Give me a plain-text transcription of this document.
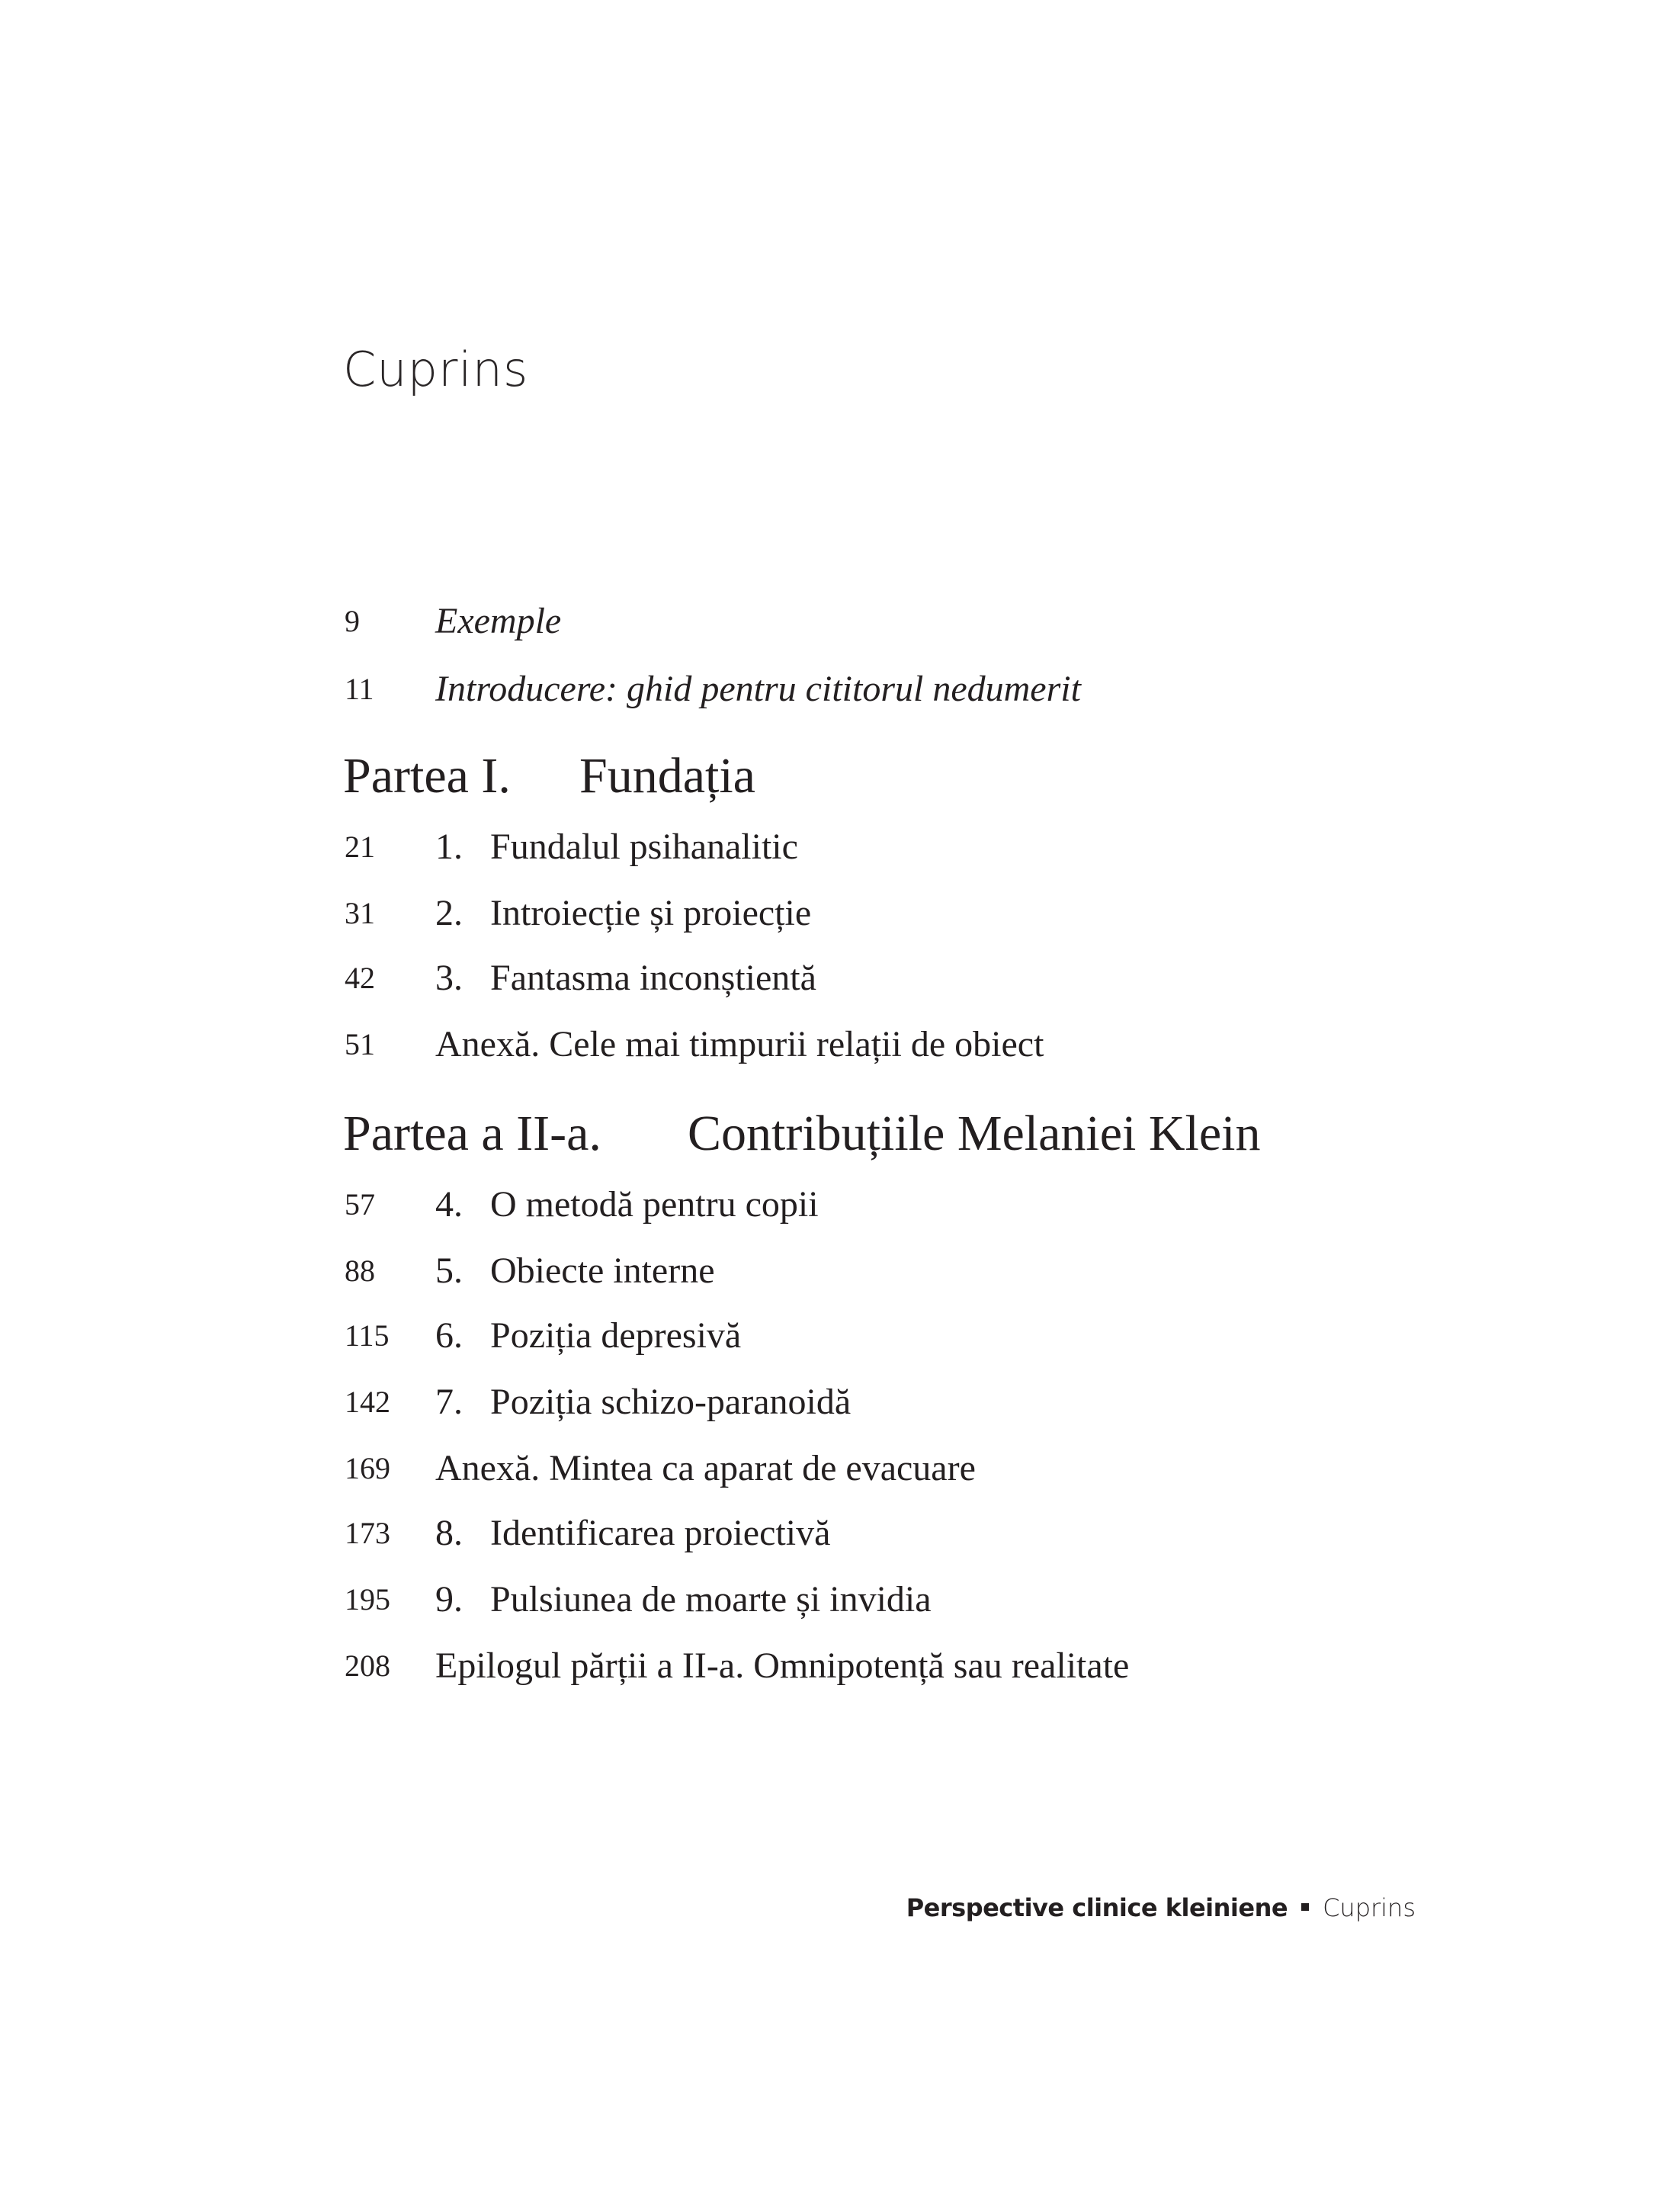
Cuprins
9 Exemple
11 Introducere: ghid pentru cititorul nedumerit
Partea I. Fundația
21 1. Fundalul psihanalitic
31 2. Introiecție și proiecție
42 3. Fantasma inconștientă
51 Anexă. Cele mai timpurii relații de obiect
Partea a II-a. Contribuțiile Melaniei Klein
57 4. O metodă pentru copii
88 5. Obiecte interne
115 6. Poziția depresivă
142 7. Poziția schizo-paranoidă
169 Anexă. Mintea ca aparat de evacuare
173 8. Identificarea proiectivă
195 9. Pulsiunea de moarte și invidia
208 Epilogul părții a II-a. Omnipotență sau realitate
Perspective clinice kleiniene Cuprins
